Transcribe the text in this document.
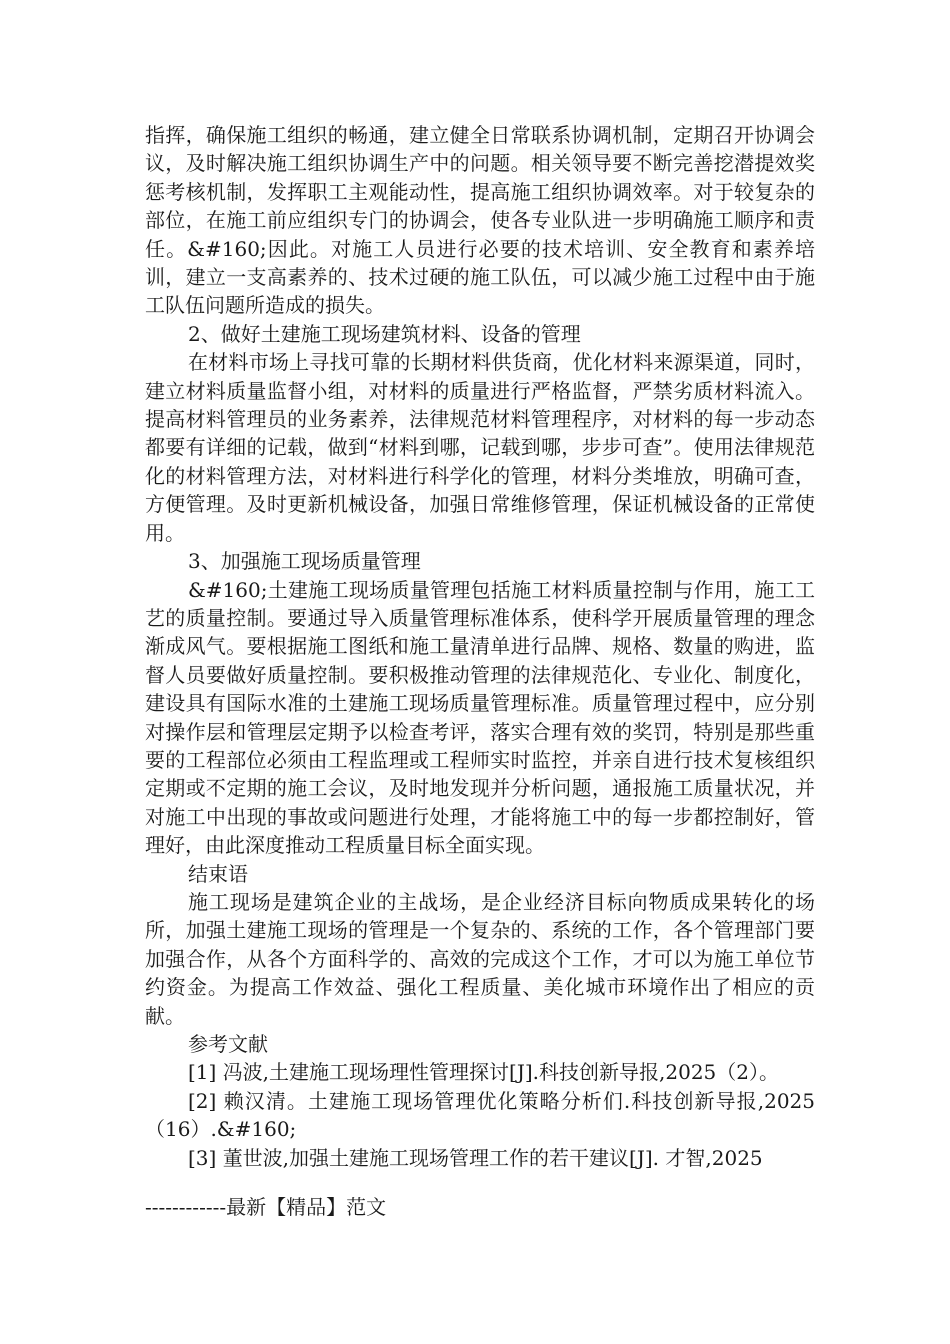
指挥，确保施工组织的畅通，建立健全日常联系协调机制，定期召开协调会议，及时解决施工组织协调生产中的问题。相关领导要不断完善挖潜提效奖惩考核机制，发挥职工主观能动性，提高施工组织协调效率。对于较复杂的部位，在施工前应组织专门的协调会，使各专业队进一步明确施工顺序和责任。&#160;因此。对施工人员进行必要的技术培训、安全教育和素养培训，建立一支高素养的、技术过硬的施工队伍，可以减少施工过程中由于施工队伍问题所造成的损失。

2、做好土建施工现场建筑材料、设备的管理

在材料市场上寻找可靠的长期材料供货商，优化材料来源渠道，同时，建立材料质量监督小组，对材料的质量进行严格监督，严禁劣质材料流入。提高材料管理员的业务素养，法律规范材料管理程序，对材料的每一步动态都要有详细的记载，做到“材料到哪，记载到哪，步步可查”。使用法律规范化的材料管理方法，对材料进行科学化的管理，材料分类堆放，明确可查，方便管理。及时更新机械设备，加强日常维修管理，保证机械设备的正常使用。

3、加强施工现场质量管理

&#160;土建施工现场质量管理包括施工材料质量控制与作用，施工工艺的质量控制。要通过导入质量管理标准体系，使科学开展质量管理的理念渐成风气。要根据施工图纸和施工量清单进行品牌、规格、数量的购进，监督人员要做好质量控制。要积极推动管理的法律规范化、专业化、制度化，建设具有国际水准的土建施工现场质量管理标准。质量管理过程中，应分别对操作层和管理层定期予以检查考评，落实合理有效的奖罚，特别是那些重要的工程部位必须由工程监理或工程师实时监控，并亲自进行技术复核组织定期或不定期的施工会议，及时地发现并分析问题，通报施工质量状况，并对施工中出现的事故或问题进行处理，才能将施工中的每一步都控制好，管理好，由此深度推动工程质量目标全面实现。

结束语

施工现场是建筑企业的主战场，是企业经济目标向物质成果转化的场所，加强土建施工现场的管理是一个复杂的、系统的工作，各个管理部门要加强合作，从各个方面科学的、高效的完成这个工作，才可以为施工单位节约资金。为提高工作效益、强化工程质量、美化城市环境作出了相应的贡献。

参考文献

[1] 冯波,土建施工现场理性管理探讨[J].科技创新导报,2025（2）。

[2] 赖汉清。土建施工现场管理优化策略分析们.科技创新导报,2025（16）.&#160;

[3] 董世波,加强土建施工现场管理工作的若干建议[J]. 才智,2025

------------最新【精品】范文
